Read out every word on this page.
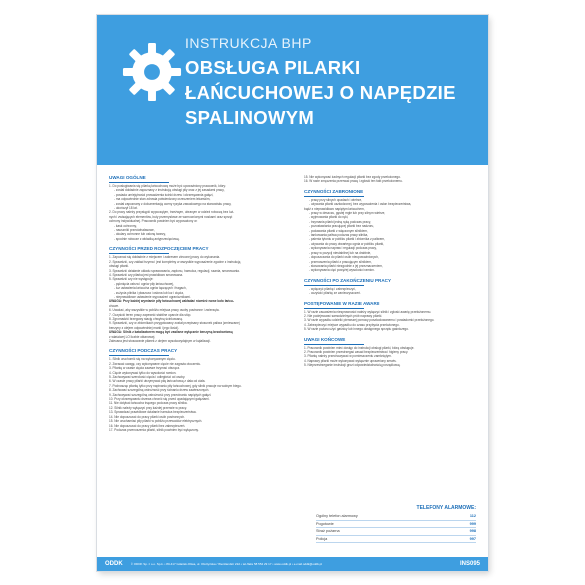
INSTRUKCJA BHP
OBSŁUGA PILARKI
ŁAŃCUCHOWEJ O NAPĘDZIE
SPALINOWYM
UWAGI OGÓLNE
1. Do posługiwania się pilarką łańcuchową może być upoważniony pracownik, który:
- został dokładnie zapoznany z instrukcją obsługi piły oraz z jej zasadami pracy,
- posiada umiejętności prowadzenia ścinki drzew i okrzesywania gałęzi,
- ma odpowiednie stan zdrowia potwierdzony orzeczeniem lekarskim,
- został zapoznany z dokumentacją oceny ryzyka zawodowego na stanowisku pracy,
- ukończył 18 lat.
2. Do pracy należy przystąpić wypoczętym, trzeźwym, ubranym w odzież roboczą bez luź-
nych i zwisających elementów, buty przemysłowe ze wzmocnionymi noskami oraz sprzęt
ochrony indywidualnej. Pracownik powinien być wyposażony w:
- kask ochronny,
- nauszniki przeciwhałasowe,
- okulary ochronne lub osłonę twarzy,
- spodnie robocze z wkładką antyprzecięciową.
CZYNNOŚCI PRZED ROZPOCZĘCIEM PRACY
1. Zapoznać się dokładnie z miejscem i zakresem zleconej pracy do wykonania.
2. Sprawdzić, czy zakład trzyma i jest kompletny w wszystkie wyposażenie zgodne z instrukcją
obsługi piłarki.
3. Sprawdzić działanie układu sprawowania, zapłonu, hamulca, regulacji, ssania, smarowania.
4. Sprawdzić czy piłarka jest prawidłowo smarowana.
5. Sprawdzić czy nie występuje:
- pęknięcia ostrza i ogniw piły łańcuchowej,
- luz ustawienia łańcucha ogniw łączących i fragach,
- zużycia pilnika i płaszcza i osłona lub luz i cięcia,
- nieprawidłowe ustawienie wyposażeń ogranicznikami.
UWAGA: Przy każdej wymianie piły łańcuchowej zakładać również nowe koło łańcu-
chowe.
6. Uważać, aby wszystkie w pobliżu miejsca pracy osoby postronne i zwierzęta.
7. Oczyścić teren pracy zapewnić stabilne oparcie dla stóp.
8. Zgromadzić brzegowy stację chwytną ścinkowaną.
9. Sprawdzić, czy w zbiornikach przygotowany został przepisany stosunek paliwa (zmieszanej
benzyny z olejem odpowiedniej marki i jego ilości).
UWAGA: Silnik z katalizatorem mogą być zasilane wyłącznie benzyną bezołowiową
z właściwej LO liczbie oktanowej.
Zalecana jest stosowanie piłarek z olejem wysokowydajnym w kątalizacji.
CZYNNOŚCI PODCZAS PRACY
1. Silnik uruchomić się na wykonywanym cięciu.
2. Zwracać uwagę, czy wykonywane cięcie nie zagraża otoczeniu.
3. Pilarkę w czasie cięcia zawsze trzymać oburącz.
4. Cięcie wykonywać tylko do wysokości ramion.
5. Zachowywać szerokość cięcia i odległości od osoby.
6. W czasie pracy pilarki utrzymywać piłę łańcuchową z dala od ciała.
7. Podnosząc pilarkę tylko przy napinaniu piły łańcuchowej, gdy silnik pracuje na wolnym biegu.
8. Zachować szczególną ostrożność przy ścinaniu drzew zawieszonych.
9. Zachowywać szczególną ostrożność przy przecinaniu napiętych gałęzi.
10. Przy okrzesywaniu drzewa chronić się przed upadającymi gałęziami.
11. Nie dotykać łańcucha tnącego podczas pracy silnika.
12. Silnik należy wyłączyć przy każdej przerwie w pracy.
13. Sprawdzać prawidłowe działanie hamulca bezpieczeństwa.
14. Nie dopuszczać do pracy pilarki osób postronnych.
15. Nie uruchamiać piły pilarki w pobliżu przewodów elektrycznych.
16. Nie dopuszczać do pracy pilarki bez zabezpieczeń.
17. Podczas przenoszenia pilarki, silnik powinien być wyłączony.
15. Nie wykonywać żadnych regulacji piłarki bez zgody przełożonego.
16. W razie zmęczenia przerwać pracę i zgłosić ten fakt przełożonemu.
CZYNNOŚCI ZABRONIONE
- pracy przy silnych opadach i wietrze,
- używania pilarki uszkodzonej, bez wyposażenia i osłon bezpieczeństwa,
bądź z nieprawidłowo napiętym łańcuchem,
- pracy w deszczu, gęstej mgle lub przy silnym wietrze,
- wyjmowania pilarki do ręki,
- trzymania pilarki jedną ręką podczas pracy,
- pozostawiania pracującej pilarki bez nadzoru,
- podawania pilarki z włączonym silnikiem,
- tankowania paliwa podczas pracy silnika,
- palenia tytoniu w pobliżu pilarki i zbiornika z paliwem,
- używania do pracy otwartego ognia w pobliżu pilarki,
- wykonywania napraw i regulacji podczas pracy,
- pracy w pozycji niestabilnej lub na drabinie,
- dopuszczania do pilarki osób nieupoważnionych,
- przenoszenia pilarki z pracującym silnikiem,
- stosowania pilarki niezgodnie z jej przeznaczeniem,
- wykonywania cięć powyżej wysokości ramion.
CZYNNOŚCI PO ZAKOŃCZENIU PRACY
- wyłączyć pilarkę i zabezpieczyć,
- oczyścić pilarkę ze zanieczyszczeń.
POSTĘPOWANIE W RAZIE AWARII
1. W razie zauważenia niesprawności należy wyłączyć silnik i zgłosić awarię przełożonemu.
2. Nie podejmować samodzielnych prób naprawy pilarki.
3. W razie wypadku udzielić pierwszej pomocy poszkodowanemu i powiadomić przełożonego.
4. Zabezpieczyć miejsce wypadku do czasu przybycia przełożonego.
5. W razie pożaru użyć gaśnicy lub innego dostępnego sprzętu gaśniczego.
UWAGI KOŃCOWE
1. Pracownik powinien mieć dostęp do instrukcji obsługi pilarki, którą obsługuje.
2. Pracownik powinien przestrzegać zasad bezpieczeństwa i higieny pracy.
3. Pilarkę należy przechowywać w pomieszczeniu zamkniętym.
4. Naprawy pilarki może wykonywać wyłącznie uprawniony serwis.
5. Nieprzestrzeganie instrukcji grozi odpowiedzialnością porządkową.
TELEFONY ALARMOWE:
Ogólny telefon alarmowy	112
Pogotowie	999
Straż pożarna	998
Policja	997
ODDK	© ODDK Sp. z o.o. Sp.k. • 80-417 Gdańsk-Oliwa, ul. Olsztyńska / Wentlandstr 22A • tel./faks 58 554 29 17 • www.oddk.pl • e-mail oddk@oddk.pl	INS095
